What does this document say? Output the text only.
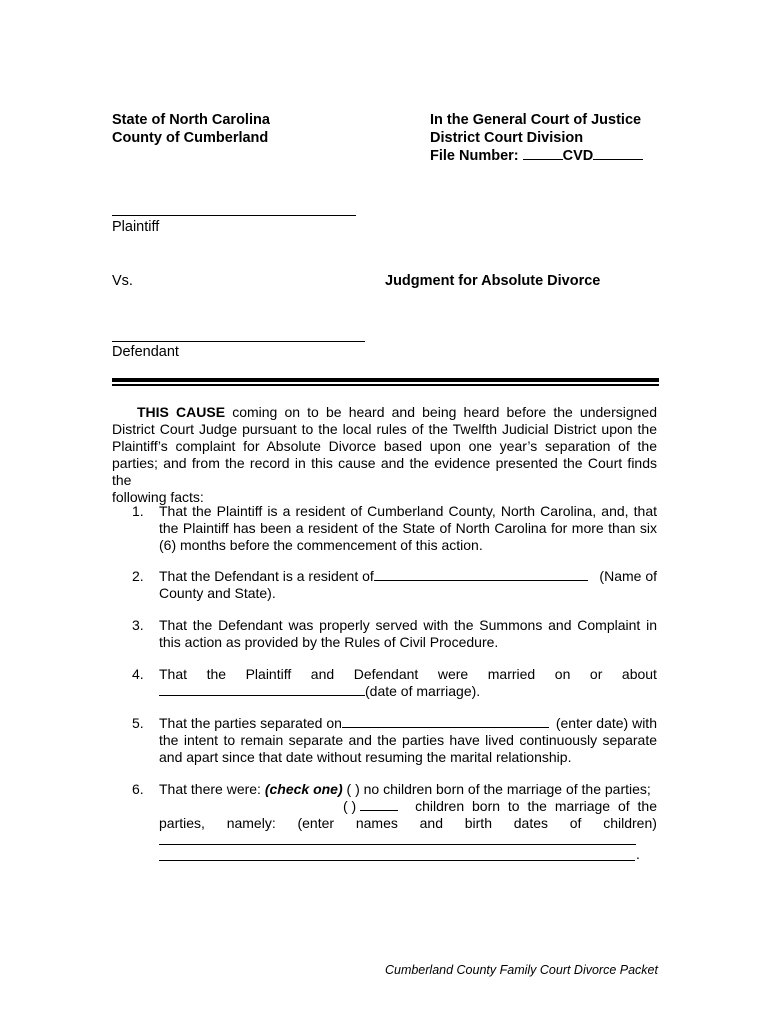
State of North Carolina
County of Cumberland
In the General Court of Justice
District Court Division
File Number:	CVD
Plaintiff
Vs.	Judgment for Absolute Divorce
Defendant
THIS CAUSE coming on to be heard and being heard before the undersigned
District Court Judge pursuant to the local rules of the Twelfth Judicial District upon the
Plaintiff’s complaint for Absolute Divorce based upon one year’s separation of the
parties; and from the record in this cause and the evidence presented the Court finds the
following facts:
1. That the Plaintiff is a resident of Cumberland County, North Carolina, and, that
the Plaintiff has been a resident of the State of North Carolina for more than six
(6) months before the commencement of this action.
2. That the Defendant is a resident of	(Name of
County and State).
3. That the Defendant was properly served with the Summons and Complaint in
this action as provided by the Rules of Civil Procedure.
4. That the Plaintiff and Defendant were married on or about
(date of marriage).
5. That the parties separated on	(enter date) with
the intent to remain separate and the parties have lived continuously separate
and apart since that date without resuming the marital relationship.
6. That there were: (check one) ( ) no children born of the marriage of the parties;
( )	children born to the marriage of the
parties, namely: (enter names and birth dates of children)
.
Cumberland County Family Court Divorce Packet
